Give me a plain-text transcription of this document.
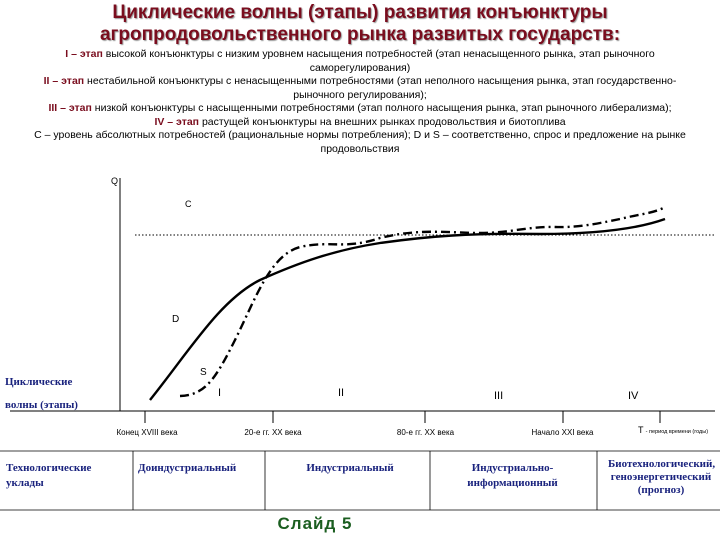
Циклические волны (этапы) развития конъюнктуры
агропродовольственного рынка развитых государств:
I – этап высокой конъюнктуры с низким уровнем насыщения потребностей (этап ненасыщенного рынка, этап рыночного саморегулирования)
II – этап нестабильной конъюнктуры с ненасыщенными потребностями (этап неполного насыщения рынка, этап государственно-рыночного регулирования);
III – этап низкой конъюнктуры с насыщенными потребностями (этап полного насыщения рынка, этап рыночного либерализма);
IV – этап растущей конъюнктуры на внешних рынках продовольствия и биотоплива
С – уровень абсолютных потребностей (рациональные нормы потребления); D и S – соответственно, спрос и предложение на рынке продовольствия
Q
C
D
S
I	II	III	IV
Циклические
волны (этапы)
Конец XVIII века	20-е гг. XX века	80-е гг. XX века	Начало XXI века	T - период времени (годы)
Технологические
уклады
Доиндустриальный	Индустриальный	Индустриально-информационный
Биотехнологический, геноэнергетический (прогноз)
Слайд 5
